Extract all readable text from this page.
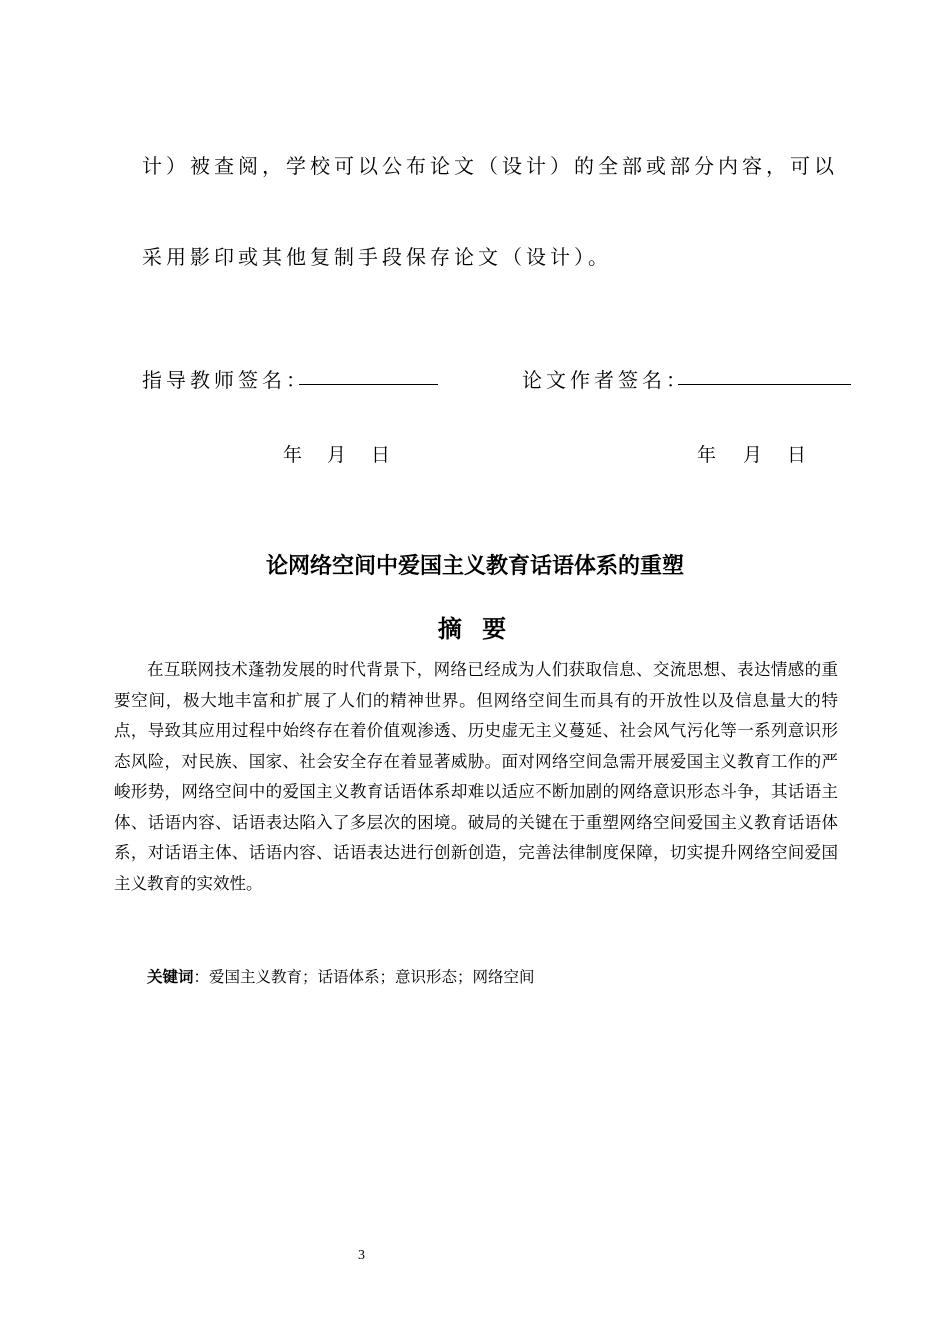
计）被查阅，学校可以公布论文（设计）的全部或部分内容，可以
采用影印或其他复制手段保存论文（设计）。
指导教师签名：	论文作者签名：
年 月 日	年 月 日
论网络空间中爱国主义教育话语体系的重塑
摘 要
在互联网技术蓬勃发展的时代背景下，网络已经成为人们获取信息、交流思想、表达情感的重要空间，极大地丰富和扩展了人们的精神世界。但网络空间生而具有的开放性以及信息量大的特点，导致其应用过程中始终存在着价值观渗透、历史虚无主义蔓延、社会风气污化等一系列意识形态风险，对民族、国家、社会安全存在着显著威胁。面对网络空间急需开展爱国主义教育工作的严峻形势，网络空间中的爱国主义教育话语体系却难以适应不断加剧的网络意识形态斗争，其话语主体、话语内容、话语表达陷入了多层次的困境。破局的关键在于重塑网络空间爱国主义教育话语体系，对话语主体、话语内容、话语表达进行创新创造，完善法律制度保障，切实提升网络空间爱国主义教育的实效性。
关键词：爱国主义教育；话语体系；意识形态；网络空间
3
